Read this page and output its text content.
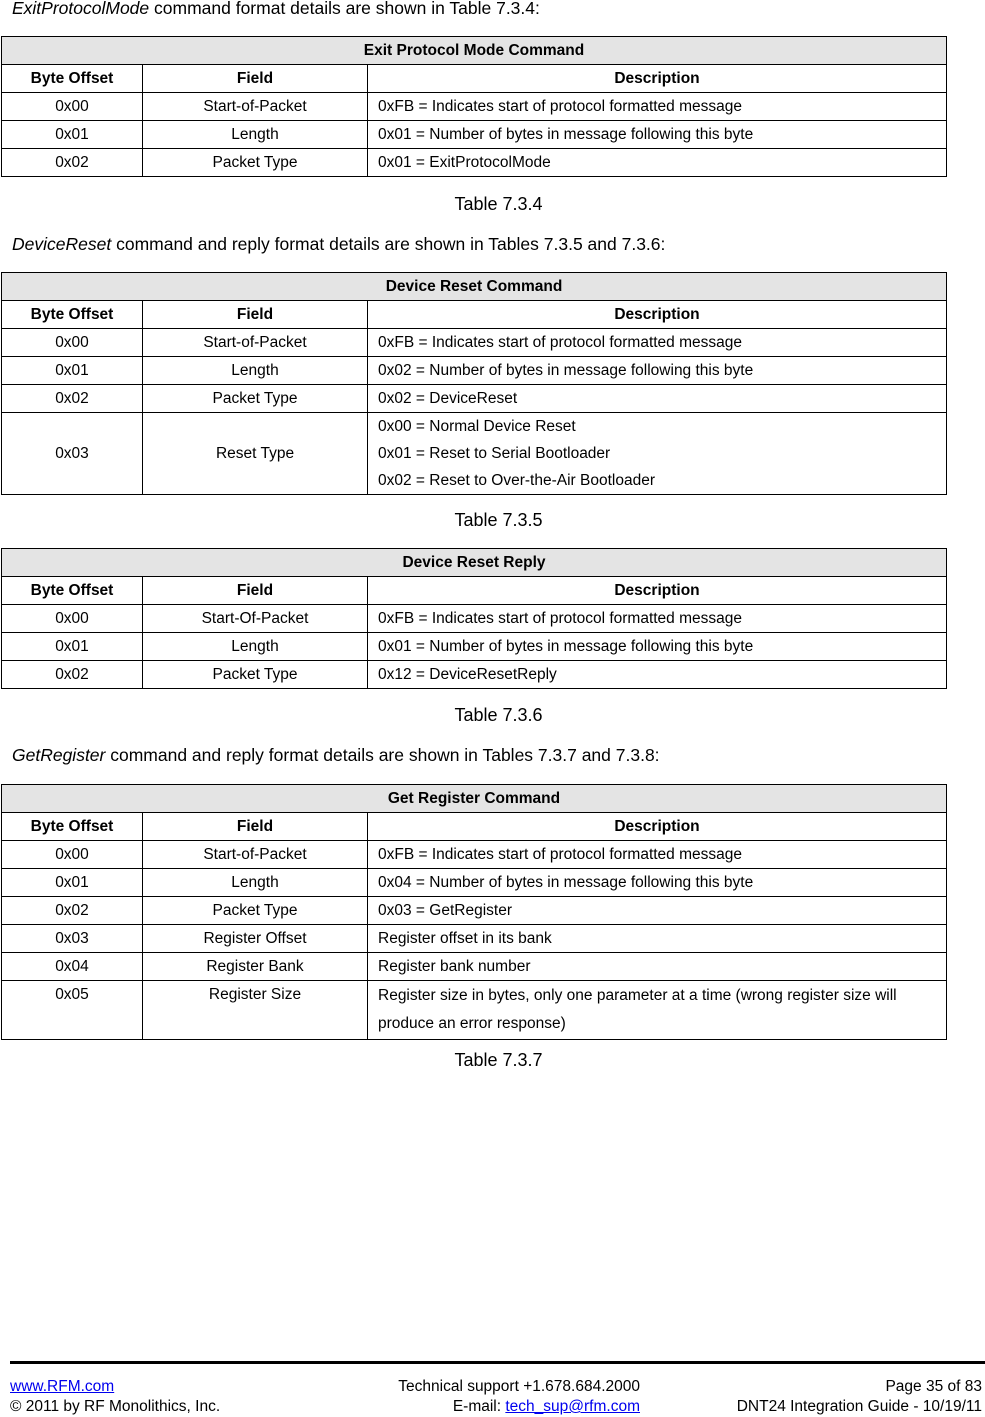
ExitProtocolMode command format details are shown in Table 7.3.4:
Exit Protocol Mode Command		
Byte Offset	Field	Description
0x00	Start-of-Packet	0xFB = Indicates start of protocol formatted message
0x01	Length	0x01 = Number of bytes in message following this byte
0x02	Packet Type	0x01 = ExitProtocolMode
Table 7.3.4
DeviceReset command and reply format details are shown in Tables 7.3.5 and 7.3.6:
Device Reset Command		
Byte Offset	Field	Description
0x00	Start-of-Packet	0xFB = Indicates start of protocol formatted message
0x01	Length	0x02 = Number of bytes in message following this byte
0x02	Packet Type	0x02 = DeviceReset
0x03	Reset Type	0x00 = Normal Device Reset
0x01 = Reset to Serial Bootloader
0x02 = Reset to Over-the-Air Bootloader
Table 7.3.5
Device Reset Reply		
Byte Offset	Field	Description
0x00	Start-Of-Packet	0xFB = Indicates start of protocol formatted message
0x01	Length	0x01 = Number of bytes in message following this byte
0x02	Packet Type	0x12 = DeviceResetReply
Table 7.3.6
GetRegister command and reply format details are shown in Tables 7.3.7 and 7.3.8:
Get Register Command		
Byte Offset	Field	Description
0x00	Start-of-Packet	0xFB = Indicates start of protocol formatted message
0x01	Length	0x04 = Number of bytes in message following this byte
0x02	Packet Type	0x03 = GetRegister
0x03	Register Offset	Register offset in its bank
0x04	Register Bank	Register bank number
0x05	Register Size	Register size in bytes, only one parameter at a time (wrong register size will produce an error response)
Table 7.3.7
www.RFM.com
© 2011 by RF Monolithics, Inc.
Technical support +1.678.684.2000
E-mail: tech_sup@rfm.com
Page 35 of 83
DNT24 Integration Guide - 10/19/11
